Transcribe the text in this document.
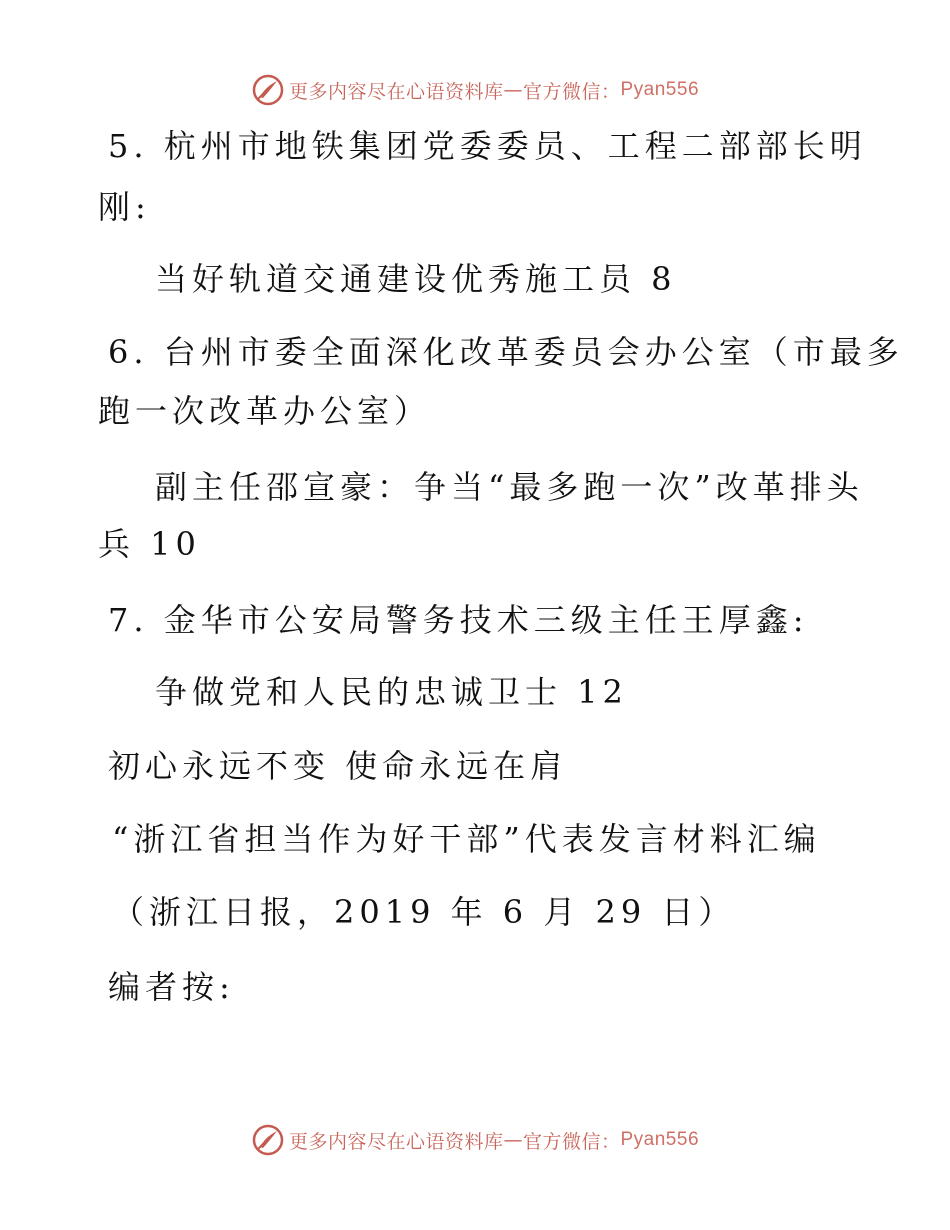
更多内容尽在心语资料库 — 官方微信： Pyan556
5. 杭州市地铁集团党委委员、工程二部部长明
刚:
当好轨道交通建设优秀施工员 8
6. 台州市委全面深化改革委员会办公室（市最多
跑一次改革办公室）
副主任邵宣豪：争当“最多跑一次”改革排头
兵 10
7. 金华市公安局警务技术三级主任王厚鑫:
争做党和人民的忠诚卫士 12
初心永远不变 使命永远在肩
“浙江省担当作为好干部”代表发言材料汇编
（浙江日报，2019 年 6 月 29 日）
编者按:
更多内容尽在心语资料库 — 官方微信： Pyan556
